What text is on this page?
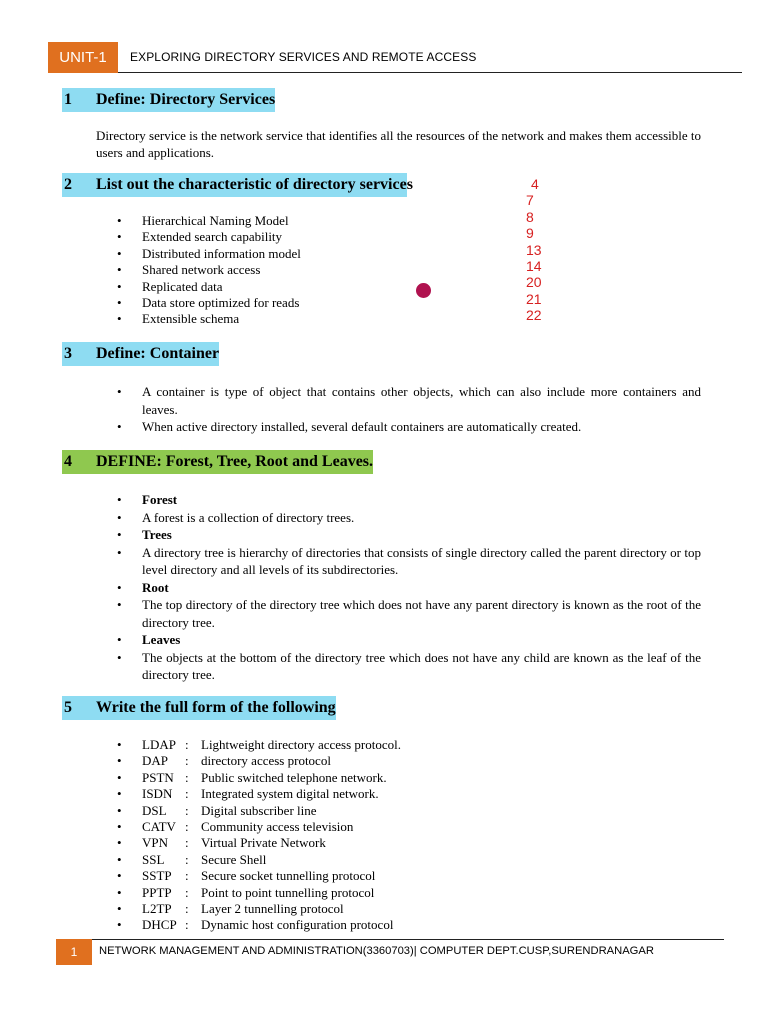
UNIT-1	EXPLORING DIRECTORY SERVICES AND REMOTE ACCESS
1 Define: Directory Services

Directory service is the network service that identifies all the resources of the network and makes them accessible to users and applications.

2 List out the characteristic of directory services
• Hierarchical Naming Model
• Extended search capability
• Distributed information model
• Shared network access
• Replicated data
• Data store optimized for reads
• Extensible schema
4
7
8
9
13
14
20
21
22
3 Define: Container
• A container is type of object that contains other objects, which can also include more containers and leaves.
• When active directory installed, several default containers are automatically created.
4 DEFINE: Forest, Tree, Root and Leaves.
• Forest
• A forest is a collection of directory trees.
• Trees
• A directory tree is hierarchy of directories that consists of single directory called the parent directory or top level directory and all levels of its subdirectories.
• Root
• The top directory of the directory tree which does not have any parent directory is known as the root of the directory tree.
• Leaves
• The objects at the bottom of the directory tree which does not have any child are known as the leaf of the directory tree.
5 Write the full form of the following
• LDAP : Lightweight directory access protocol.
• DAP : directory access protocol
• PSTN : Public switched telephone network.
• ISDN : Integrated system digital network.
• DSL : Digital subscriber line
• CATV : Community access television
• VPN : Virtual Private Network
• SSL : Secure Shell
• SSTP : Secure socket tunnelling protocol
• PPTP : Point to point tunnelling protocol
• L2TP : Layer 2 tunnelling protocol
• DHCP : Dynamic host configuration protocol
1	NETWORK MANAGEMENT AND ADMINISTRATION(3360703)| COMPUTER DEPT.CUSP,SURENDRANAGAR
